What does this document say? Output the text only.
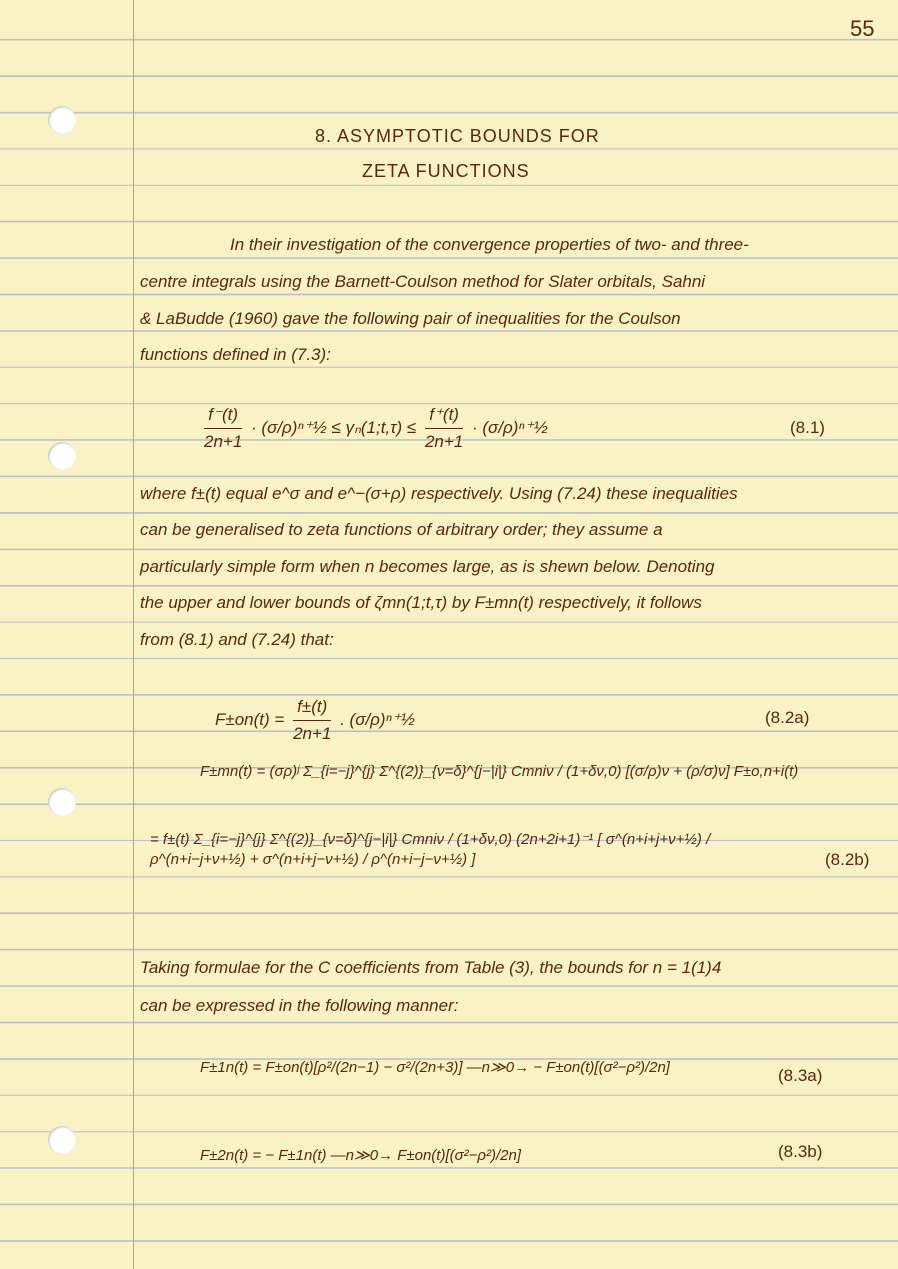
55
8. ASYMPTOTIC BOUNDS FOR
ZETA FUNCTIONS
In their investigation of the convergence properties of two- and three-
centre integrals using the Barnett-Coulson method for Slater orbitals, Sahni
& LaBudde (1960) gave the following pair of inequalities for the Coulson
functions defined in (7.3):
$\frac{f^-(t)}{2n+1}$ · (σ/ρ)ⁿ⁺½ ≤ γₙ(1;t,τ) ≤ $\frac{f^+(t)}{2n+1}$ · (σ/ρ)ⁿ⁺½	(8.1)
where f±(t) equal e^σ and e^−(σ+ρ) respectively. Using (7.24) these inequalities
can be generalised to zeta functions of arbitrary order; they assume a
particularly simple form when n becomes large, as is shewn below. Denoting
the upper and lower bounds of ζmn(1;t,τ) by F±mn(t) respectively, it follows
from (8.1) and (7.24) that:
$F\pm on(t) = \frac{f\pm(t)}{2n+1}$ . (σ/ρ)ⁿ⁺½	(8.2a)
F±mn(t) = (σρ)ʲ Σ_{i=−j}^{j} Σ^{(2)}_{ν=δ}^{j−|i|} Cmniν / (1+δν,0) [(σ/ρ)ν + (ρ/σ)ν] F±o,n+i(t)
= f±(t) Σ_{i=−j}^{j} Σ^{(2)}_{ν=δ}^{j−|i|} Cmniν / (1+δν,0) (2n+2i+1)⁻¹ [ σ^(n+i+j+ν+½) / ρ^(n+i−j+ν+½) + σ^(n+i+j−ν+½) / ρ^(n+i−j−ν+½) ]	(8.2b)
Taking formulae for the C coefficients from Table (3), the bounds for n = 1(1)4
can be expressed in the following manner:
F±1n(t) = F±on(t)[ρ²/(2n−1) − σ²/(2n+3)] —n≫0→ − F±on(t)[(σ²−ρ²)/2n]	(8.3a)
F±2n(t) = − F±1n(t) —n≫0→ F±on(t)[(σ²−ρ²)/2n]	(8.3b)
